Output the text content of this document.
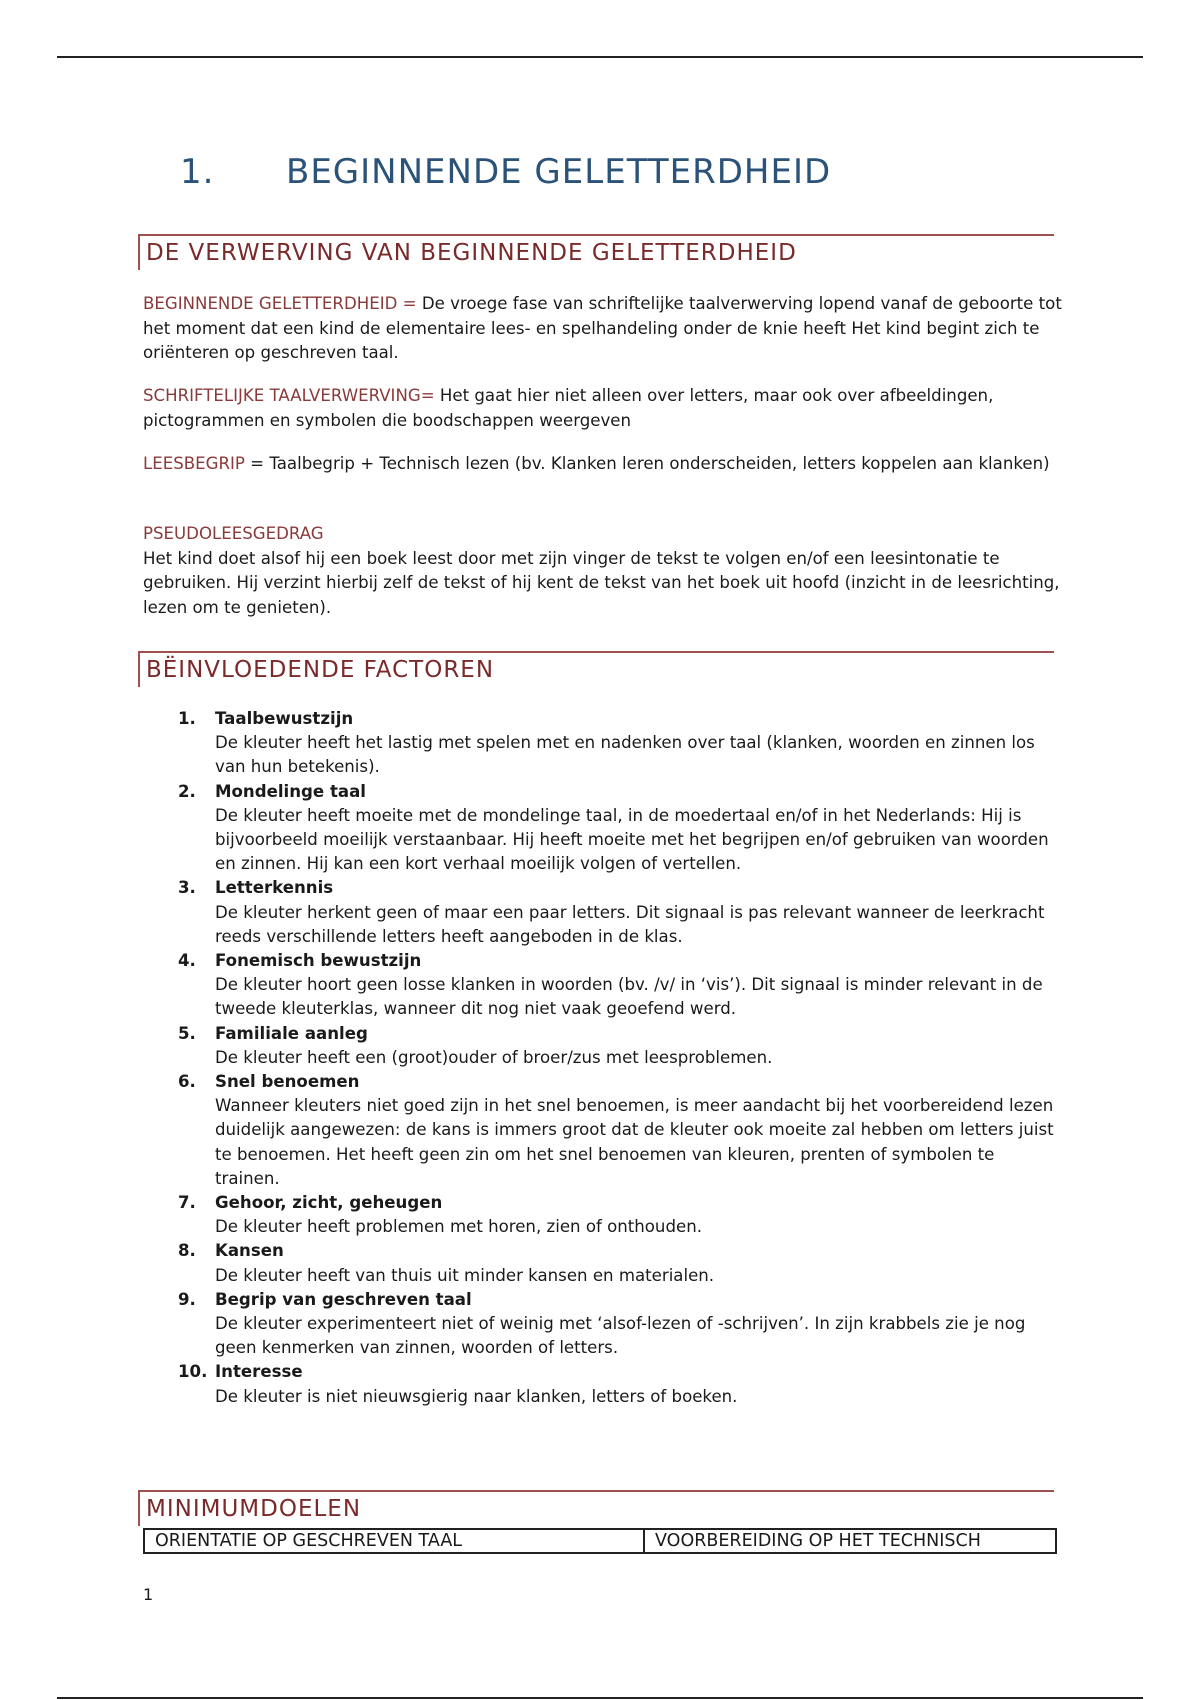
1. BEGINNENDE GELETTERDHEID
DE VERWERVING VAN BEGINNENDE GELETTERDHEID

BEGINNENDE GELETTERDHEID = De vroege fase van schriftelijke taalverwerving lopend vanaf de geboorte tot het moment dat een kind de elementaire lees- en spelhandeling onder de knie heeft Het kind begint zich te oriënteren op geschreven taal.

SCHRIFTELIJKE TAALVERWERVING= Het gaat hier niet alleen over letters, maar ook over afbeeldingen, pictogrammen en symbolen die boodschappen weergeven

LEESBEGRIP = Taalbegrip + Technisch lezen (bv. Klanken leren onderscheiden, letters koppelen aan klanken)

PSEUDOLEESGEDRAG
Het kind doet alsof hij een boek leest door met zijn vinger de tekst te volgen en/of een leesintonatie te gebruiken. Hij verzint hierbij zelf de tekst of hij kent de tekst van het boek uit hoofd (inzicht in de leesrichting, lezen om te genieten).
BËINVLOEDENDE FACTOREN
1.	Taalbewustzijn
De kleuter heeft het lastig met spelen met en nadenken over taal (klanken, woorden en zinnen los van hun betekenis).
2.	Mondelinge taal
De kleuter heeft moeite met de mondelinge taal, in de moedertaal en/of in het Nederlands: Hij is bijvoorbeeld moeilijk verstaanbaar. Hij heeft moeite met het begrijpen en/of gebruiken van woorden en zinnen. Hij kan een kort verhaal moeilijk volgen of vertellen.
3.	Letterkennis
De kleuter herkent geen of maar een paar letters. Dit signaal is pas relevant wanneer de leerkracht reeds verschillende letters heeft aangeboden in de klas.
4.	Fonemisch bewustzijn
De kleuter hoort geen losse klanken in woorden (bv. /v/ in ‘vis’). Dit signaal is minder relevant in de tweede kleuterklas, wanneer dit nog niet vaak geoefend werd.
5.	Familiale aanleg
De kleuter heeft een (groot)ouder of broer/zus met leesproblemen.
6.	Snel benoemen
Wanneer kleuters niet goed zijn in het snel benoemen, is meer aandacht bij het voorbereidend lezen duidelijk aangewezen: de kans is immers groot dat de kleuter ook moeite zal hebben om letters juist te benoemen. Het heeft geen zin om het snel benoemen van kleuren, prenten of symbolen te trainen.
7.	Gehoor, zicht, geheugen
De kleuter heeft problemen met horen, zien of onthouden.
8.	Kansen
De kleuter heeft van thuis uit minder kansen en materialen.
9.	Begrip van geschreven taal
De kleuter experimenteert niet of weinig met ‘alsof-lezen of -schrijven’. In zijn krabbels zie je nog geen kenmerken van zinnen, woorden of letters.
10. Interesse
De kleuter is niet nieuwsgierig naar klanken, letters of boeken.
MINIMUMDOELEN
ORIENTATIE OP GESCHREVEN TAAL	VOORBEREIDING OP HET TECHNISCH
1
